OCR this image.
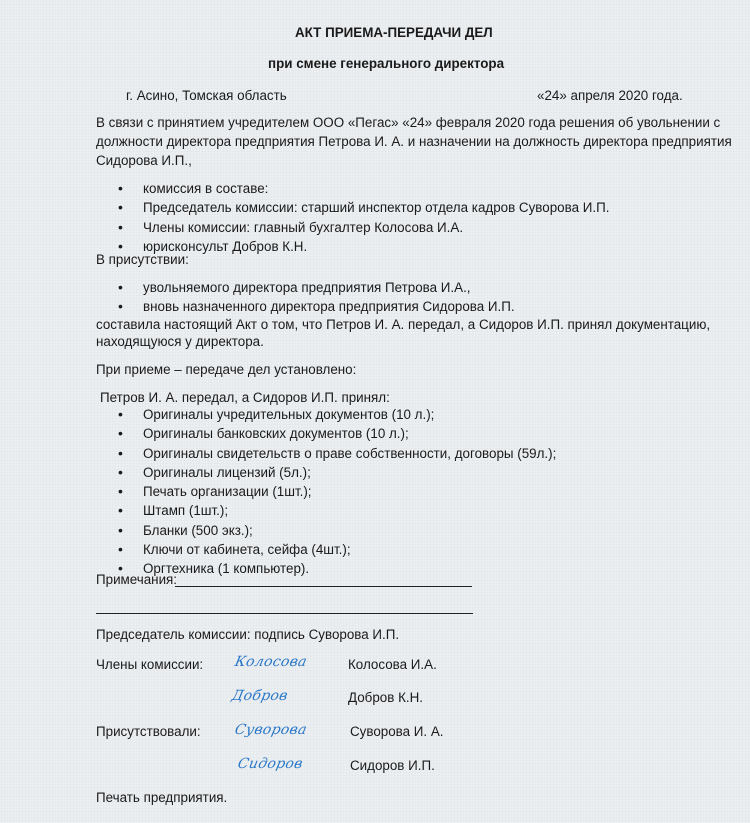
АКТ ПРИЕМА-ПЕРЕДАЧИ ДЕЛ
при смене генерального директора
г. Асино, Томская область	«24» апреля 2020 года.
В связи с принятием учредителем ООО «Пегас» «24» февраля 2020 года решения об увольнении с
должности директора предприятия Петрова И. А. и назначении на должность директора предприятия
Сидорова И.П.,
• комиссия в составе:
• Председатель комиссии: старший инспектор отдела кадров Суворова И.П.
• Члены комиссии: главный бухгалтер Колосова И.А.
• юрисконсульт Добров К.Н.
В присутствии:
• увольняемого директора предприятия Петрова И.А.,
• вновь назначенного директора предприятия Сидорова И.П.
составила настоящий Акт о том, что Петров И. А. передал, а Сидоров И.П. принял документацию,
находящуюся у директора.
При приеме – передаче дел установлено:
Петров И. А. передал, а Сидоров И.П. принял:
• Оригиналы учредительных документов (10 л.);
• Оригиналы банковских документов (10 л.);
• Оригиналы свидетельств о праве собственности, договоры (59л.);
• Оригиналы лицензий (5л.);
• Печать организации (1шт.);
• Штамп (1шт.);
• Бланки (500 экз.);
• Ключи от кабинета, сейфа (4шт.);
• Оргтехника (1 компьютер).
Примечания:
Председатель комиссии: подпись Суворова И.П.
Члены комиссии: Колосова	Колосова И.А.
Добров	Добров К.Н.
Присутствовали: Суворова	Суворова И. А.
Сидоров	Сидоров И.П.
Печать предприятия.
